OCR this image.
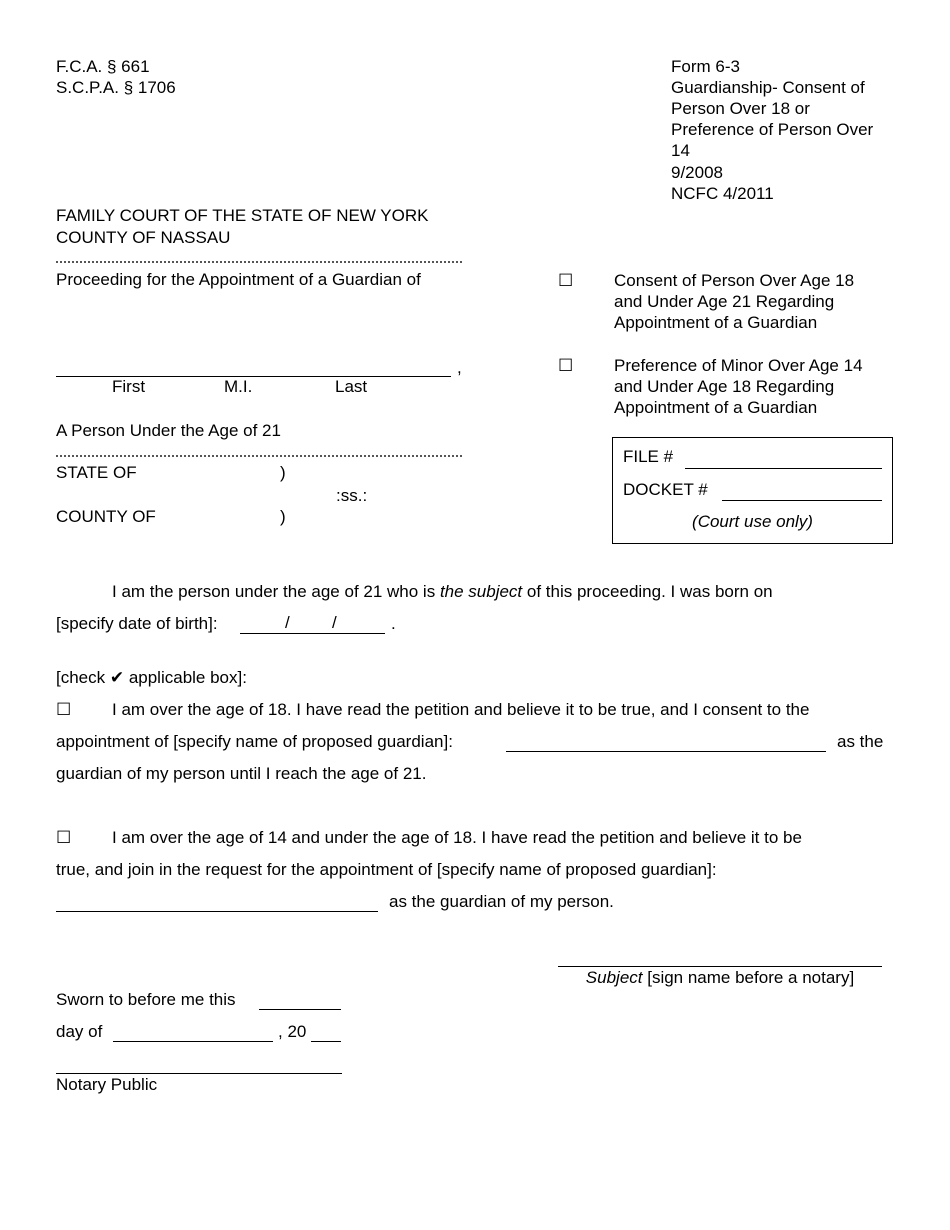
F.C.A. § 661
S.C.P.A. § 1706
Form 6-3
Guardianship- Consent of
Person Over 18 or
Preference of Person Over
14
9/2008
NCFC 4/2011
FAMILY COURT OF THE STATE OF NEW YORK
COUNTY OF NASSAU
Proceeding for the Appointment of a Guardian of
,
First	M.I.	Last
A Person Under the Age of 21
STATE OF	)
:ss.:
COUNTY OF	)
☐ Consent of Person Over Age 18
and Under Age 21 Regarding
Appointment of a Guardian
☐ Preference of Minor Over Age 14
and Under Age 18 Regarding
Appointment of a Guardian
FILE #
DOCKET #
(Court use only)
I am the person under the age of 21 who is the subject of this proceeding. I was born on
[specify date of birth]:	/ /	.
[check ✔ applicable box]:
☐ I am over the age of 18. I have read the petition and believe it to be true, and I consent to the
appointment of [specify name of proposed guardian]:	as the
guardian of my person until I reach the age of 21.
☐ I am over the age of 14 and under the age of 18. I have read the petition and believe it to be
true, and join in the request for the appointment of [specify name of proposed guardian]:
as the guardian of my person.
Subject [sign name before a notary]
Sworn to before me this
day of	, 20
Notary Public
